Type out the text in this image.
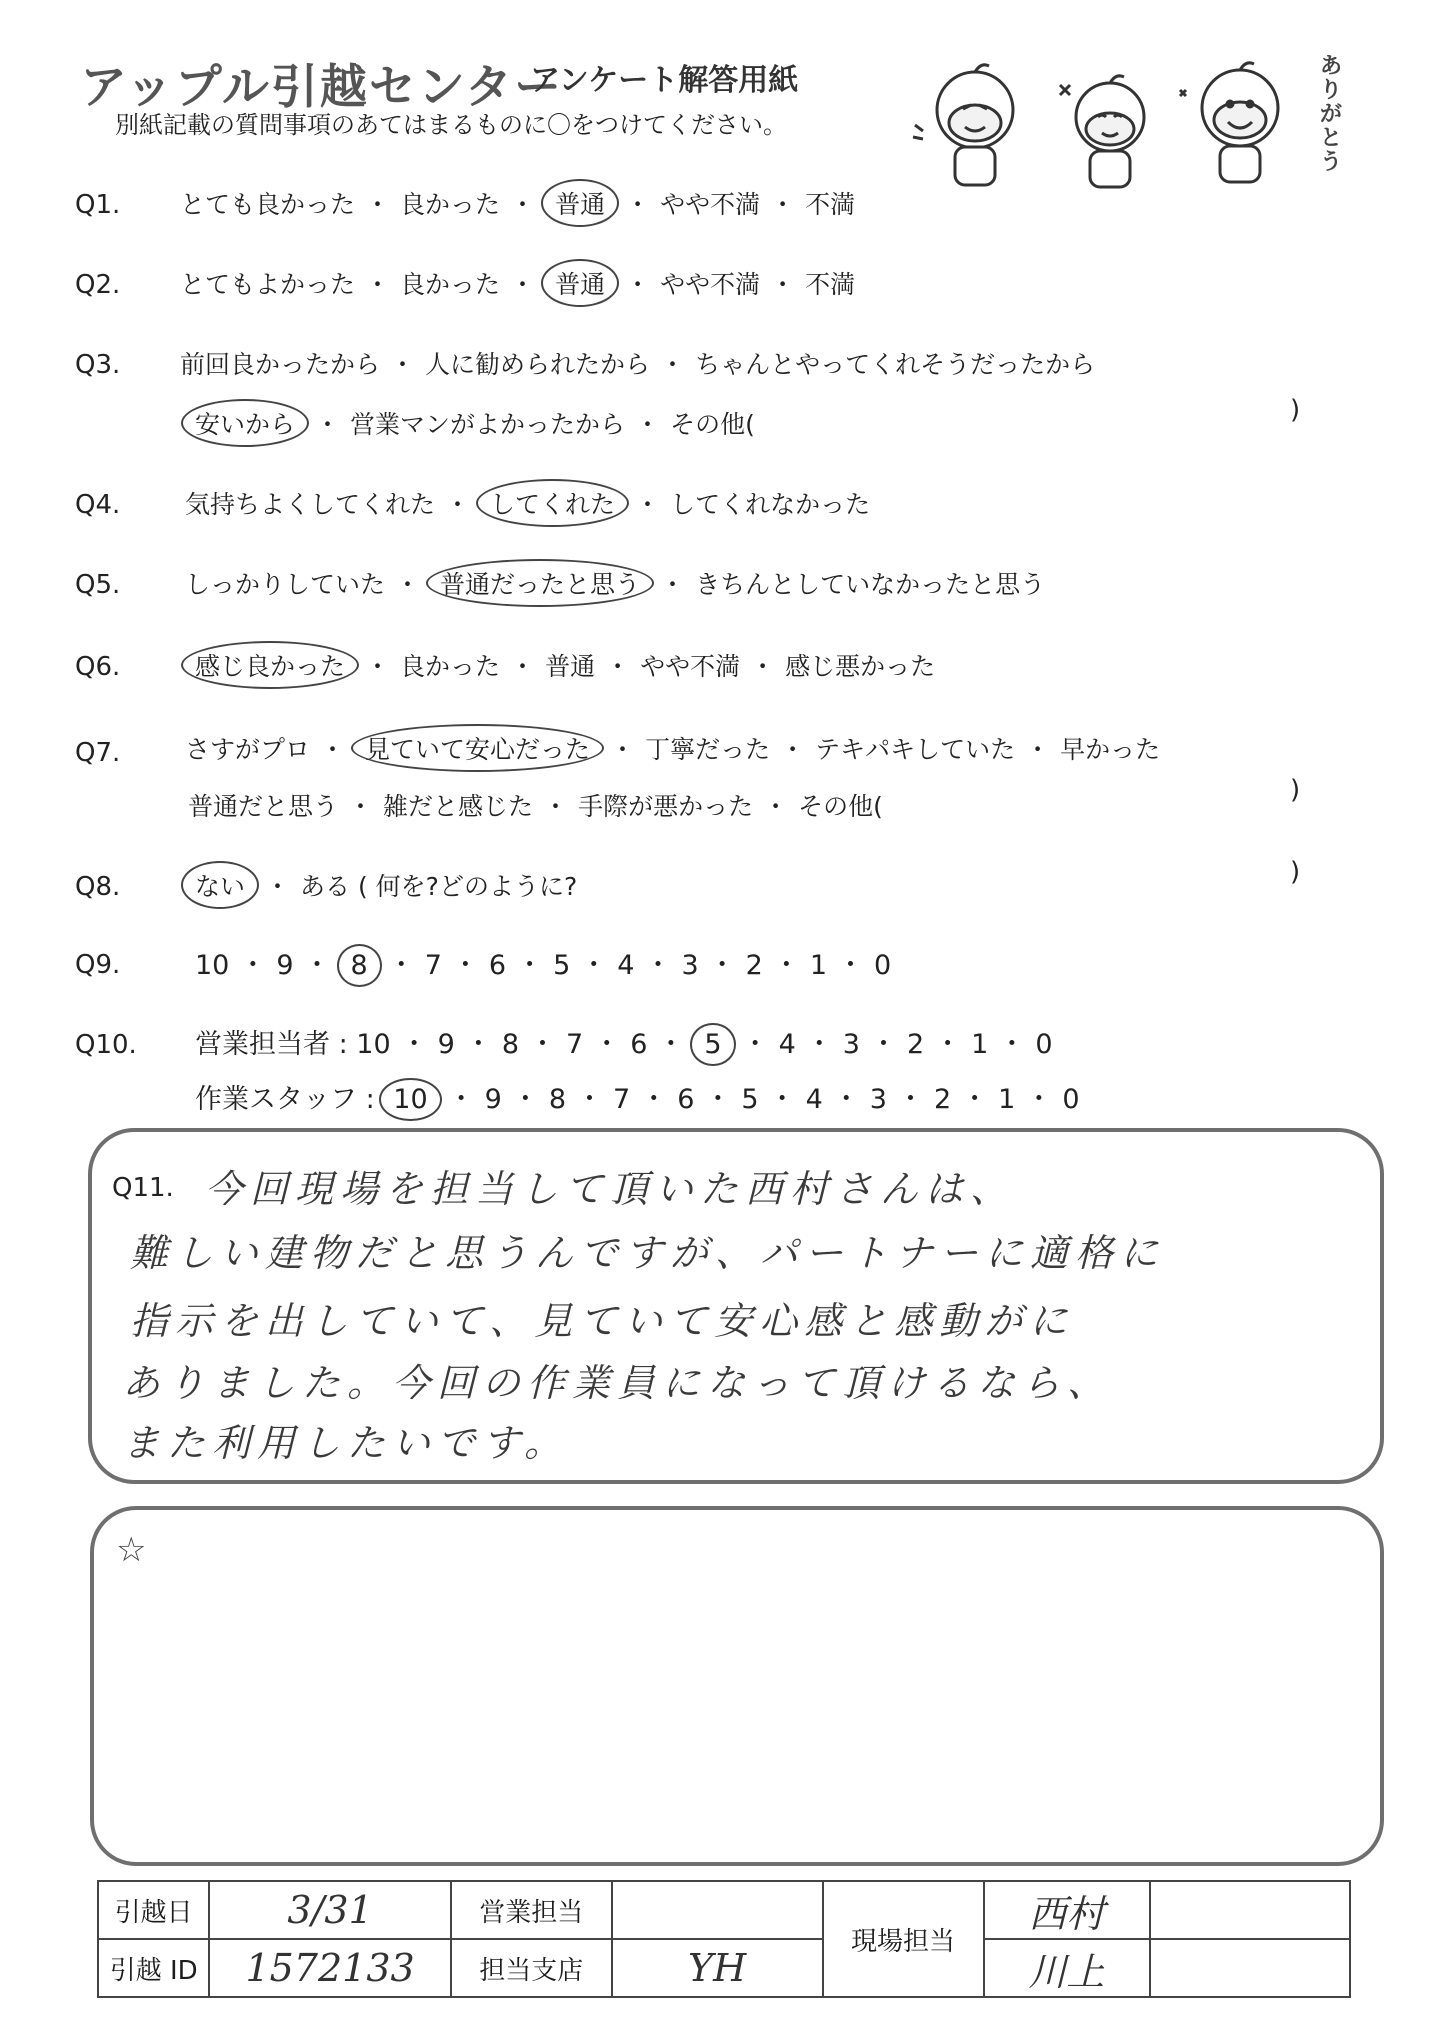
アップル引越センター
アンケート解答用紙
別紙記載の質問事項のあてはまるものに〇をつけてください。
ありがとう
Q1. とても良かった ・ 良かった ・ 普通 ・ やや不満 ・ 不満
Q2. とてもよかった ・ 良かった ・ 普通 ・ やや不満 ・ 不満
Q3. 前回良かったから ・ 人に勧められたから ・ ちゃんとやってくれそうだったから
安いから ・ 営業マンがよかったから ・ その他(	)
Q4.	気持ちよくしてくれた ・ してくれた ・ してくれなかった
Q5.	しっかりしていた ・ 普通だったと思う ・ きちんとしていなかったと思う
Q6.	感じ良かった ・ 良かった ・ 普通 ・ やや不満 ・ 感じ悪かった
Q7.	さすがプロ ・ 見ていて安心だった ・ 丁寧だった ・ テキパキしていた ・ 早かった
普通だと思う ・ 雑だと感じた ・ 手際が悪かった ・ その他(
)
Q8.	ない ・ ある ( 何を?どのように?	)
Q9.	10 ・ 9 ・ 8 ・ 7 ・ 6 ・ 5 ・ 4 ・ 3 ・ 2 ・ 1 ・ 0
Q10. 営業担当者 : 10 ・ 9 ・ 8 ・ 7 ・ 6 ・ 5 ・ 4 ・ 3 ・ 2 ・ 1 ・ 0
作業スタッフ : 10 ・ 9 ・ 8 ・ 7 ・ 6 ・ 5 ・ 4 ・ 3 ・ 2 ・ 1 ・ 0
Q11. 今回現場を担当して頂いた西村さんは、
難しい建物だと思うんですが、パートナーに適格に
指示を出していて、見ていて安心感と感動がに
ありました。今回の作業員になって頂けるなら、
また利用したいです。
☆
引越日	3/31	営業担当		現場担当	西村	
引越 ID	1572133	担当支店	YH		川上	
